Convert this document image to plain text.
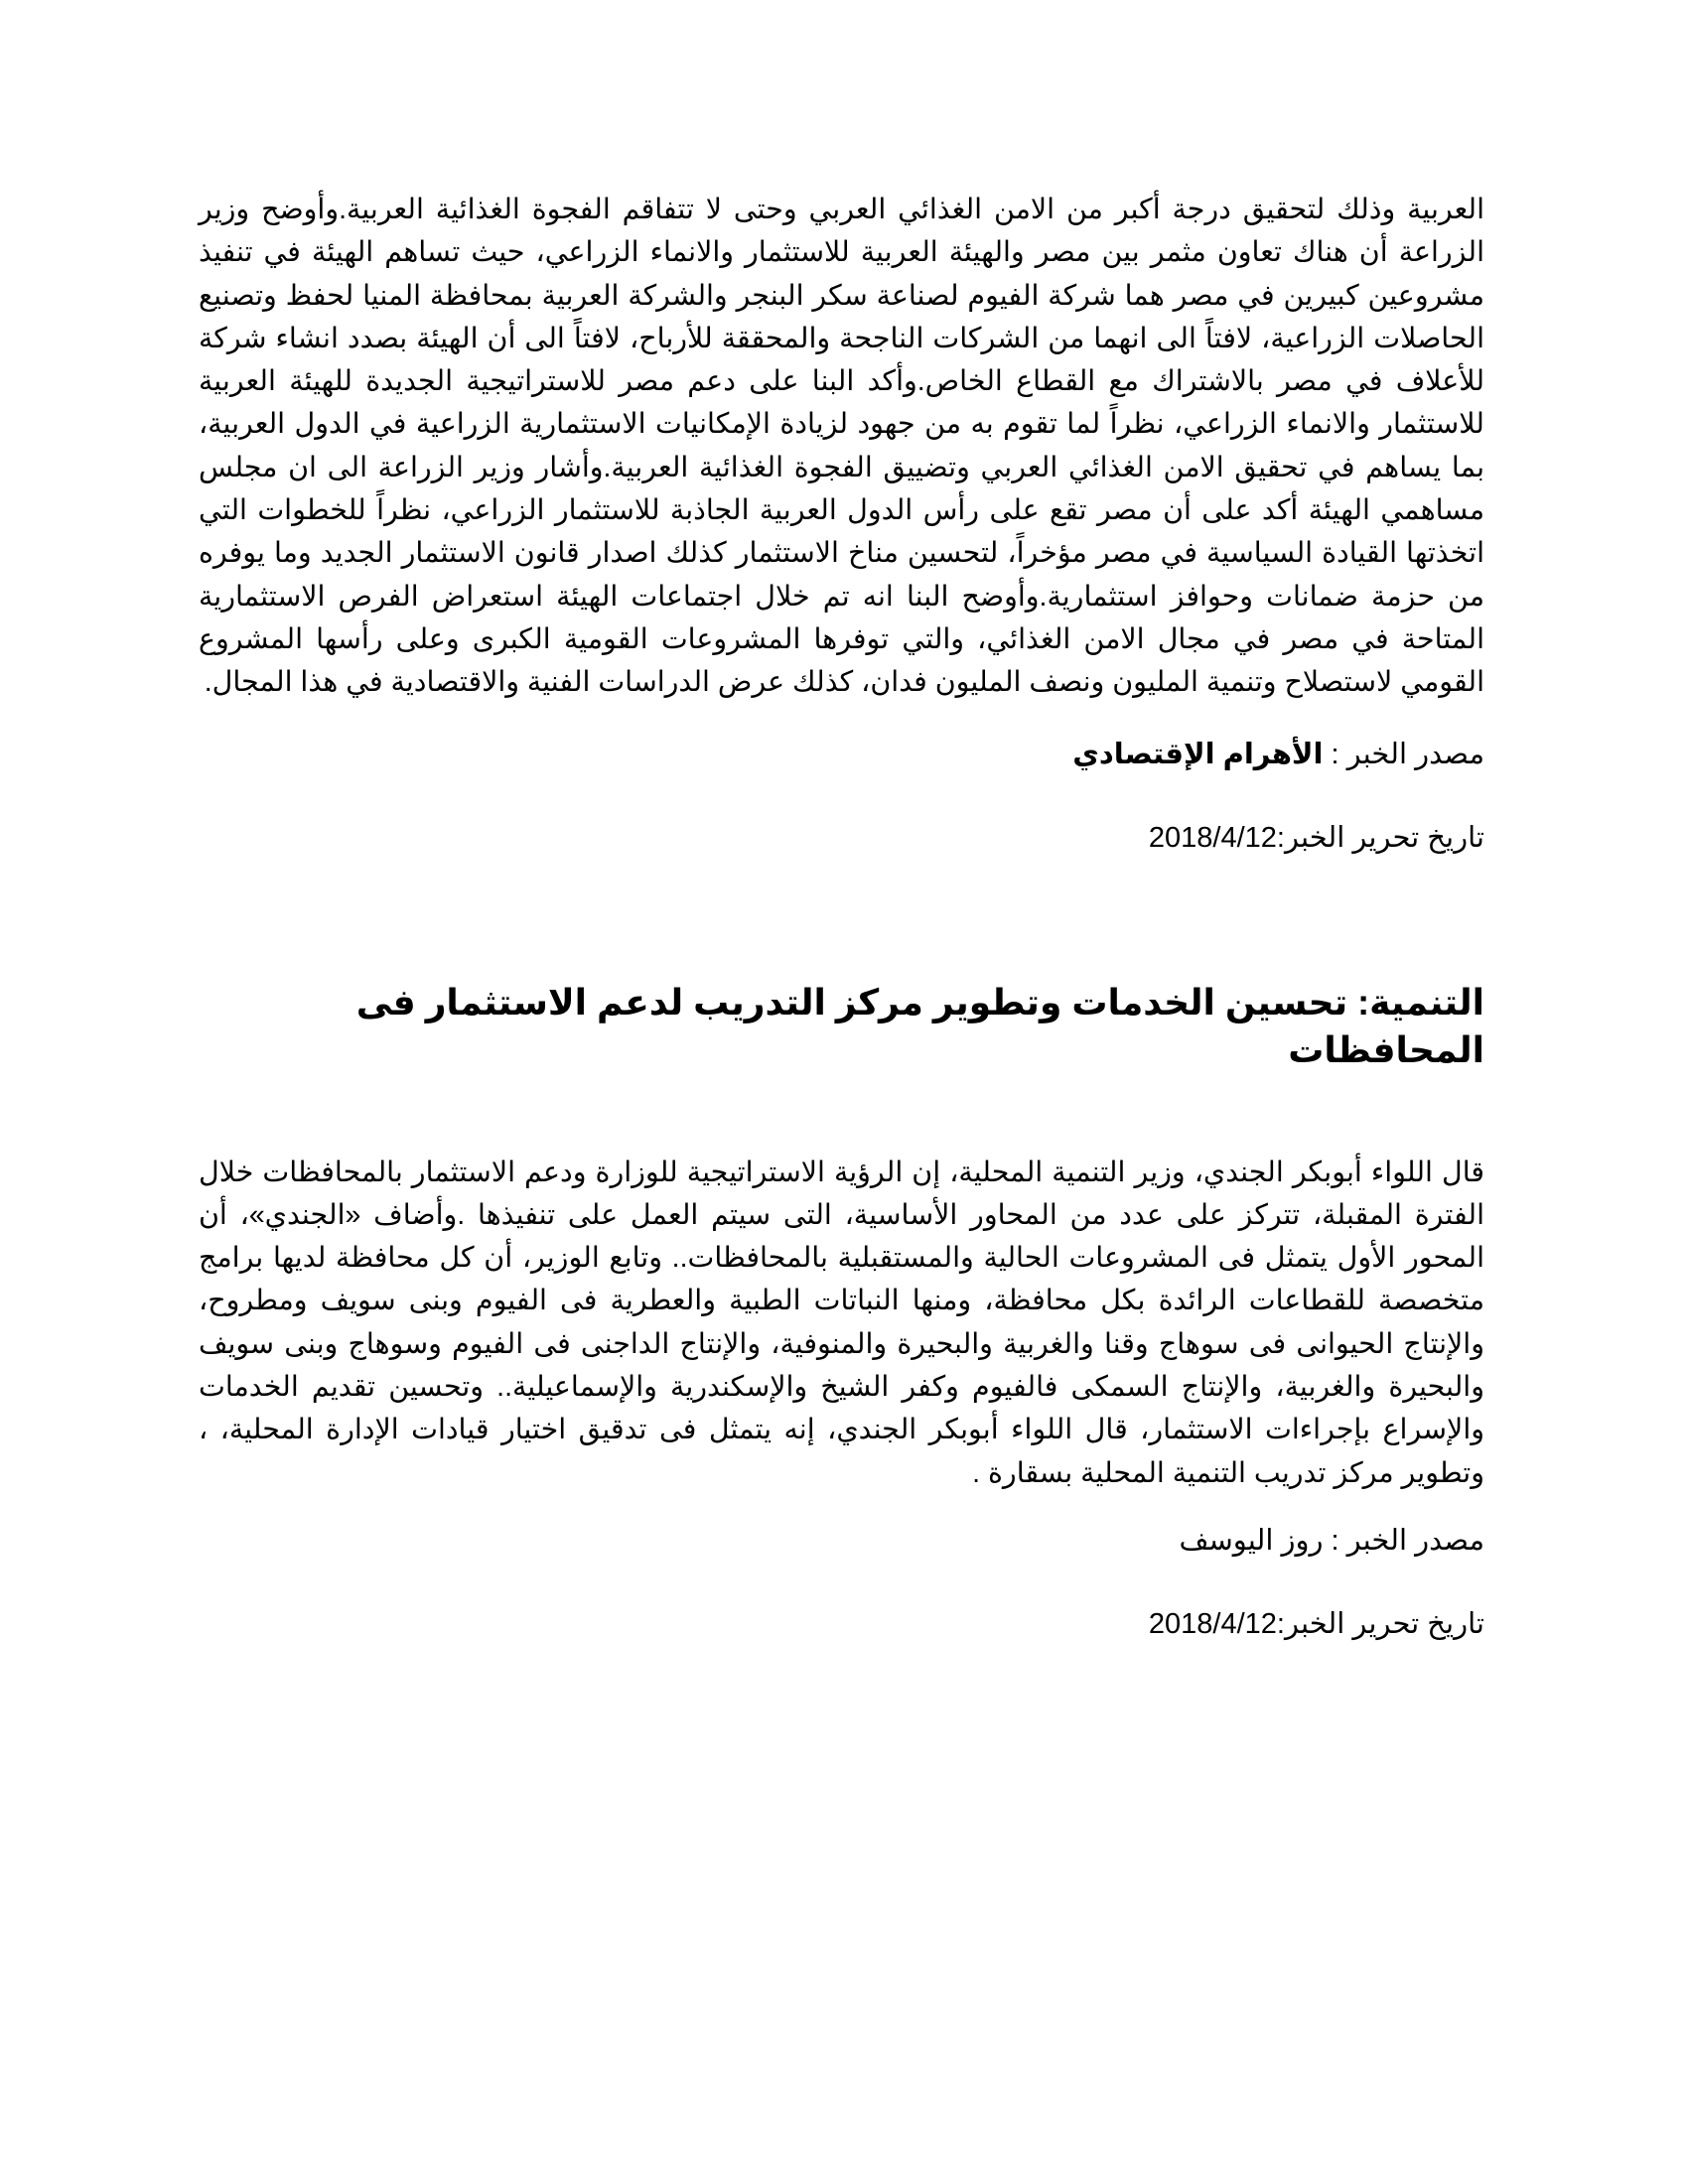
العربية وذلك لتحقيق درجة أكبر من الامن الغذائي العربي وحتى لا تتفاقم الفجوة الغذائية العربية.وأوضح وزير الزراعة أن هناك تعاون مثمر بين مصر والهيئة العربية للاستثمار والانماء الزراعي، حيث تساهم الهيئة في تنفيذ مشروعين كبيرين في مصر هما شركة الفيوم لصناعة سكر البنجر والشركة العربية بمحافظة المنيا لحفظ وتصنيع الحاصلات الزراعية، لافتاً الى انهما من الشركات الناجحة والمحققة للأرباح، لافتاً الى أن الهيئة بصدد انشاء شركة للأعلاف في مصر بالاشتراك مع القطاع الخاص.وأكد البنا على دعم مصر للاستراتيجية الجديدة للهيئة العربية للاستثمار والانماء الزراعي، نظراً لما تقوم به من جهود لزيادة الإمكانيات الاستثمارية الزراعية في الدول العربية، بما يساهم في تحقيق الامن الغذائي العربي وتضييق الفجوة الغذائية العربية.وأشار وزير الزراعة الى ان مجلس مساهمي الهيئة أكد على أن مصر تقع على رأس الدول العربية الجاذبة للاستثمار الزراعي، نظراً للخطوات التي اتخذتها القيادة السياسية في مصر مؤخراً، لتحسين مناخ الاستثمار كذلك اصدار قانون الاستثمار الجديد وما يوفره من حزمة ضمانات وحوافز استثمارية.وأوضح البنا انه تم خلال اجتماعات الهيئة استعراض الفرص الاستثمارية المتاحة في مصر في مجال الامن الغذائي، والتي توفرها المشروعات القومية الكبرى وعلى رأسها المشروع القومي لاستصلاح وتنمية المليون ونصف المليون فدان، كذلك عرض الدراسات الفنية والاقتصادية في هذا المجال.

مصدر الخبر : الأهرام الإقتصادي

تاريخ تحرير الخبر:2018/4/12

التنمية: تحسين الخدمات وتطوير مركز التدريب لدعم الاستثمار فى المحافظات

قال اللواء أبوبكر الجندي، وزير التنمية المحلية، إن الرؤية الاستراتيجية للوزارة ودعم الاستثمار بالمحافظات خلال الفترة المقبلة، تتركز على عدد من المحاور الأساسية، التى سيتم العمل على تنفيذها .وأضاف «الجندي»، أن المحور الأول يتمثل فى المشروعات الحالية والمستقبلية بالمحافظات.. وتابع الوزير، أن كل محافظة لديها برامج متخصصة للقطاعات الرائدة بكل محافظة، ومنها النباتات الطبية والعطرية فى الفيوم وبنى سويف ومطروح، والإنتاج الحيوانى فى سوهاج وقنا والغربية والبحيرة والمنوفية، والإنتاج الداجنى فى الفيوم وسوهاج وبنى سويف والبحيرة والغربية، والإنتاج السمكى فالفيوم وكفر الشيخ والإسكندرية والإسماعيلية.. وتحسين تقديم الخدمات والإسراع بإجراءات الاستثمار، قال اللواء أبوبكر الجندي، إنه يتمثل فى تدقيق اختيار قيادات الإدارة المحلية، ، وتطوير مركز تدريب التنمية المحلية بسقارة .

مصدر الخبر : روز اليوسف

تاريخ تحرير الخبر:2018/4/12
